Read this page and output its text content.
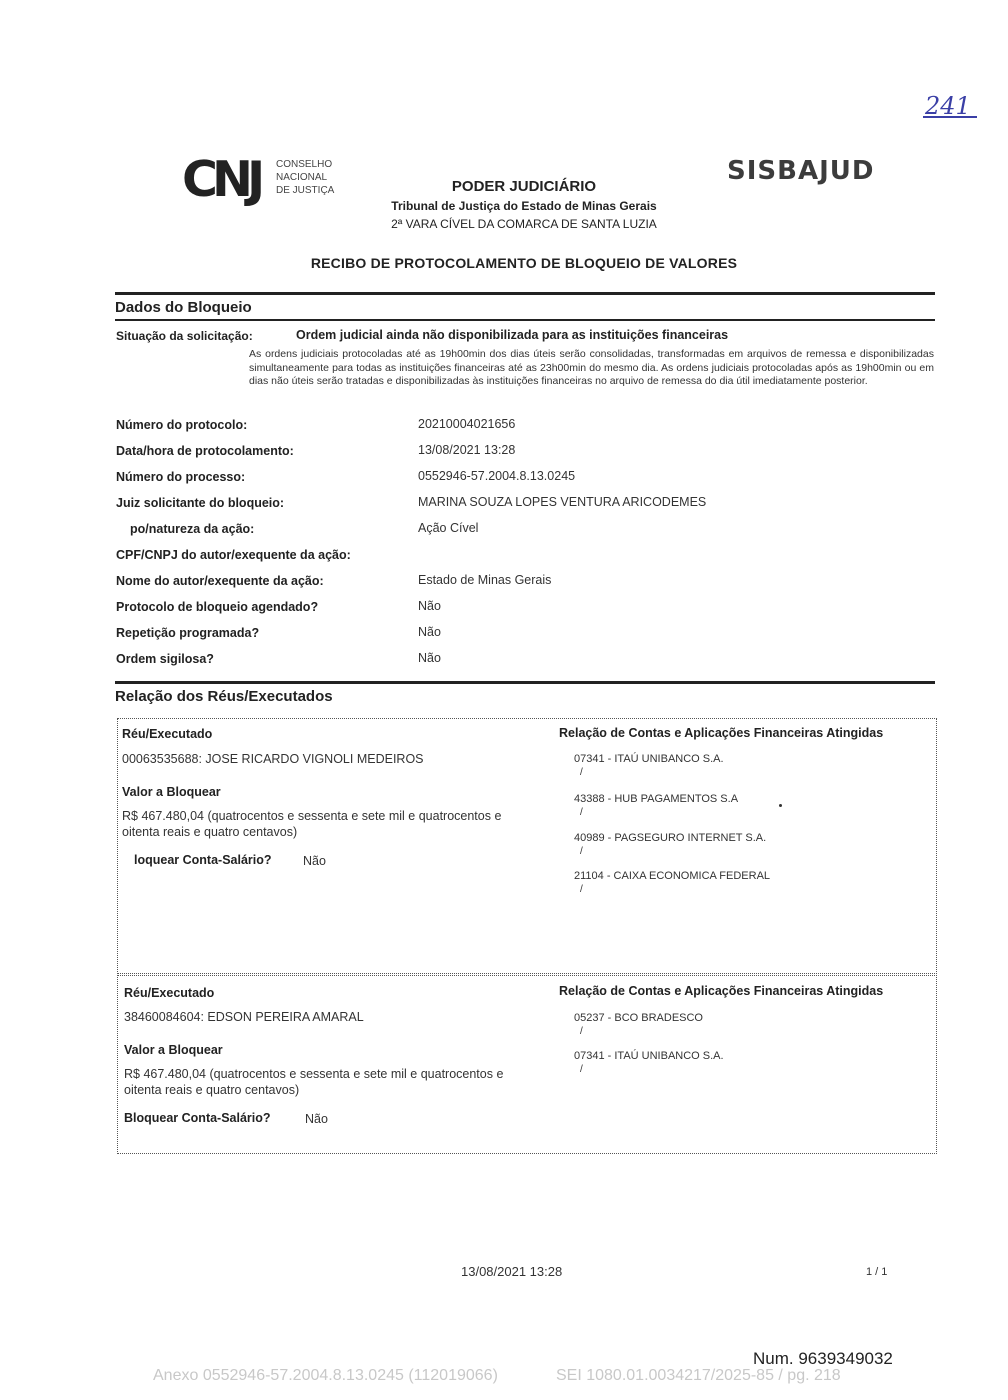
241
CNJ CONSELHO
NACIONAL
DE JUSTIÇA
SISBAJUD
PODER JUDICIÁRIO
Tribunal de Justiça do Estado de Minas Gerais
2ª VARA CÍVEL DA COMARCA DE SANTA LUZIA
RECIBO DE PROTOCOLAMENTO DE BLOQUEIO DE VALORES
Dados do Bloqueio
Situação da solicitação:	Ordem judicial ainda não disponibilizada para as instituições financeiras
As ordens judiciais protocoladas até as 19h00min dos dias úteis serão consolidadas, transformadas em arquivos de remessa e disponibilizadas simultaneamente para todas as instituições financeiras até as 23h00min do mesmo dia. As ordens judiciais protocoladas após as 19h00min ou em dias não úteis serão tratadas e disponibilizadas às instituições financeiras no arquivo de remessa do dia útil imediatamente posterior.
Número do protocolo:	20210004021656
Data/hora de protocolamento:	13/08/2021 13:28
Número do processo:	0552946-57.2004.8.13.0245
Juiz solicitante do bloqueio:	MARINA SOUZA LOPES VENTURA ARICODEMES
po/natureza da ação:	Ação Cível
CPF/CNPJ do autor/exequente da ação:
Nome do autor/exequente da ação:	Estado de Minas Gerais
Protocolo de bloqueio agendado?	Não
Repetição programada?	Não
Ordem sigilosa?	Não
Relação dos Réus/Executados
Réu/Executado
00063535688: JOSE RICARDO VIGNOLI MEDEIROS
Valor a Bloquear
R$ 467.480,04 (quatrocentos e sessenta e sete mil e quatrocentos e oitenta reais e quatro centavos)
loquear Conta-Salário?	Não
Relação de Contas e Aplicações Financeiras Atingidas
07341 - ITAÚ UNIBANCO S.A.
/
43388 - HUB PAGAMENTOS S.A
/
40989 - PAGSEGURO INTERNET S.A.
/
21104 - CAIXA ECONOMICA FEDERAL
/
Réu/Executado
38460084604: EDSON PEREIRA AMARAL
Valor a Bloquear
R$ 467.480,04 (quatrocentos e sessenta e sete mil e quatrocentos e oitenta reais e quatro centavos)
Bloquear Conta-Salário?	Não
Relação de Contas e Aplicações Financeiras Atingidas
05237 - BCO BRADESCO
/
07341 - ITAÚ UNIBANCO S.A.
/
13/08/2021 13:28	1 / 1
Num. 9639349032
Anexo 0552946-57.2004.8.13.0245 (112019066)	SEI 1080.01.0034217/2025-85 / pg. 218
